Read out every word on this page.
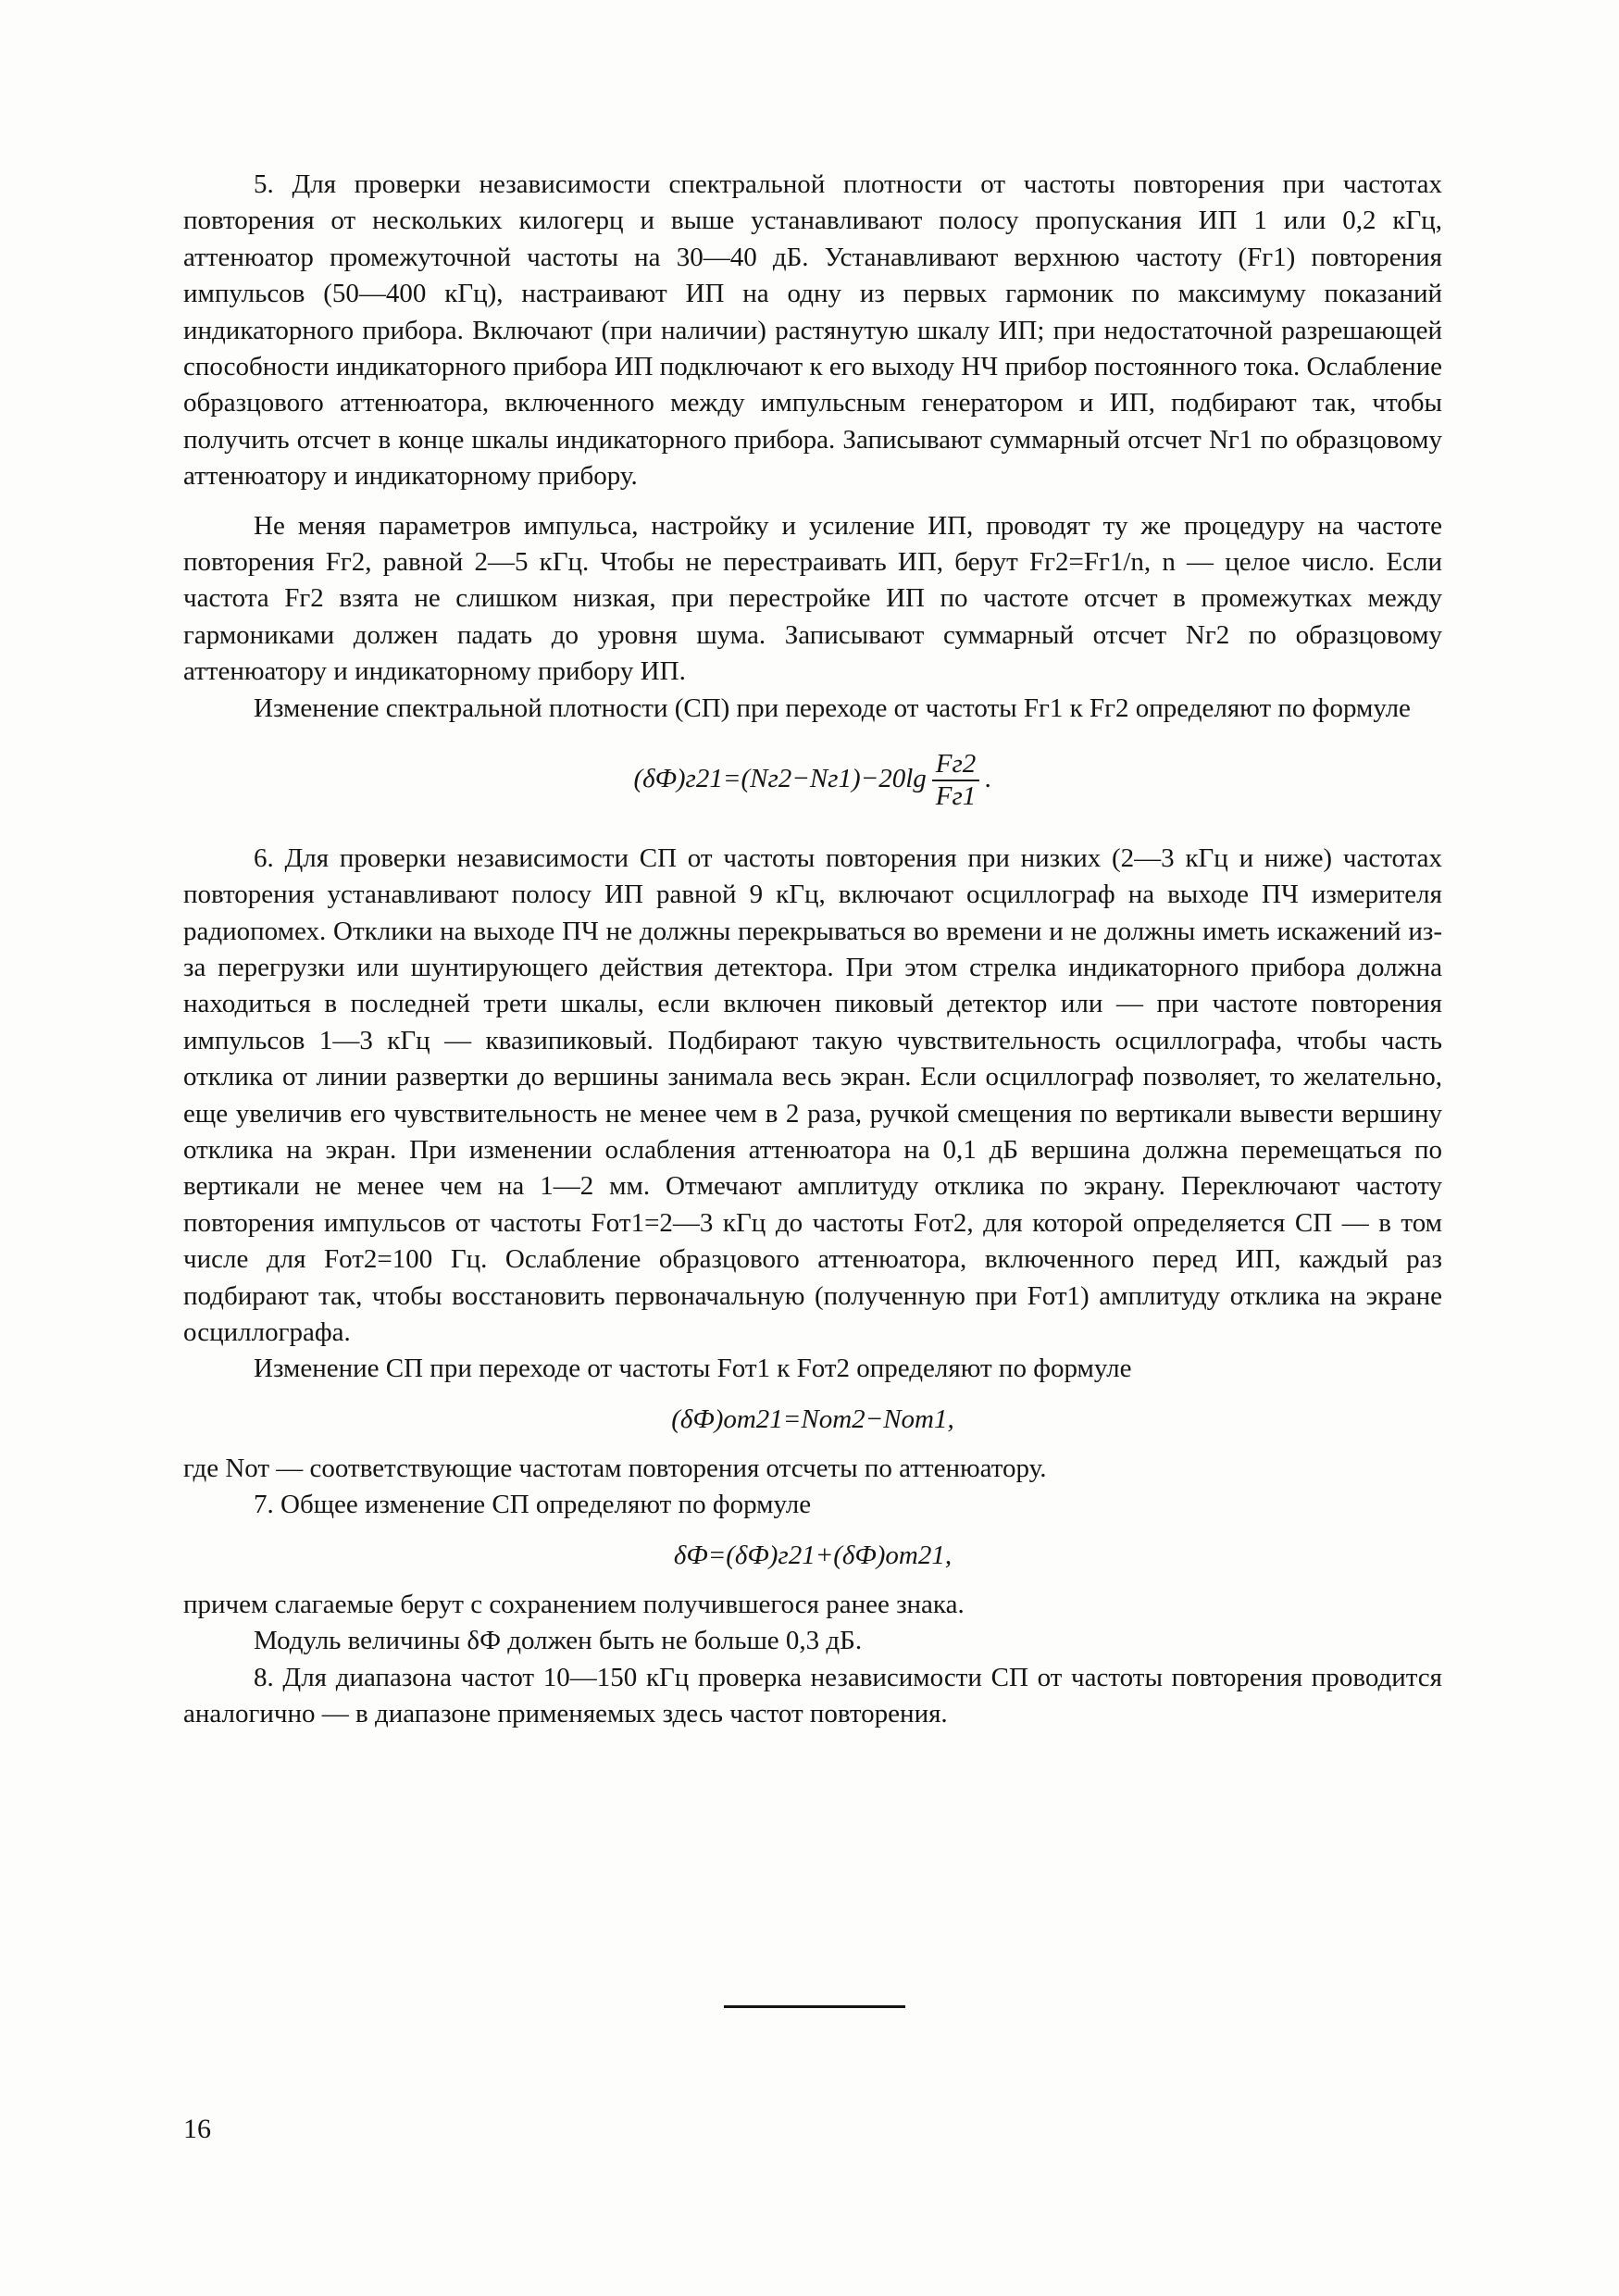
5. Для проверки независимости спектральной плотности от частоты повторения при частотах повторения от нескольких килогерц и выше устанавливают полосу пропускания ИП 1 или 0,2 кГц, аттенюатор промежуточной частоты на 30—40 дБ. Устанавливают верхнюю частоту (Fг1) повторения импульсов (50—400 кГц), настраивают ИП на одну из первых гармоник по максимуму показаний индикаторного прибора. Включают (при наличии) растянутую шкалу ИП; при недостаточной разрешающей способности индикаторного прибора ИП подключают к его выходу НЧ прибор постоянного тока. Ослабление образцового аттенюатора, включенного между импульсным генератором и ИП, подбирают так, чтобы получить отсчет в конце шкалы индикаторного прибора. Записывают суммарный отсчет Nг1 по образцовому аттенюатору и индикаторному прибору.

Не меняя параметров импульса, настройку и усиление ИП, проводят ту же процедуру на частоте повторения Fг2, равной 2—5 кГц. Чтобы не перестраивать ИП, берут Fг2=Fг1/n, n — целое число. Если частота Fг2 взята не слишком низкая, при перестройке ИП по частоте отсчет в промежутках между гармониками должен падать до уровня шума. Записывают суммарный отсчет Nг2 по образцовому аттенюатору и индикаторному прибору ИП.

Изменение спектральной плотности (СП) при переходе от частоты Fг1 к Fг2 определяют по формуле

$(\delta Ф)г21=(Nг2-Nг1)-20\lg \frac{Fг2}{Fг1}$ .

6. Для проверки независимости СП от частоты повторения при низких (2—3 кГц и ниже) частотах повторения устанавливают полосу ИП равной 9 кГц, включают осциллограф на выходе ПЧ измерителя радиопомех. Отклики на выходе ПЧ не должны перекрываться во времени и не должны иметь искажений из-за перегрузки или шунтирующего действия детектора. При этом стрелка индикаторного прибора должна находиться в последней трети шкалы, если включен пиковый детектор или — при частоте повторения импульсов 1—3 кГц — квазипиковый. Подбирают такую чувствительность осциллографа, чтобы часть отклика от линии развертки до вершины занимала весь экран. Если осциллограф позволяет, то желательно, еще увеличив его чувствительность не менее чем в 2 раза, ручкой смещения по вертикали вывести вершину отклика на экран. При изменении ослабления аттенюатора на 0,1 дБ вершина должна перемещаться по вертикали не менее чем на 1—2 мм. Отмечают амплитуду отклика по экрану. Переключают частоту повторения импульсов от частоты Fот1=2—3 кГц до частоты Fот2, для которой определяется СП — в том числе для Fот2=100 Гц. Ослабление образцового аттенюатора, включенного перед ИП, каждый раз подбирают так, чтобы восстановить первоначальную (полученную при Fот1) амплитуду отклика на экране осциллографа.

Изменение СП при переходе от частоты Fот1 к Fот2 определяют по формуле

(δФ)от21=Nот2−Nот1,

где Nот — соответствующие частотам повторения отсчеты по аттенюатору.

7. Общее изменение СП определяют по формуле

δФ=(δФ)г21+(δФ)от21,

причем слагаемые берут с сохранением получившегося ранее знака.

Модуль величины δФ должен быть не больше 0,3 дБ.

8. Для диапазона частот 10—150 кГц проверка независимости СП от частоты повторения проводится аналогично — в диапазоне применяемых здесь частот повторения.

16
